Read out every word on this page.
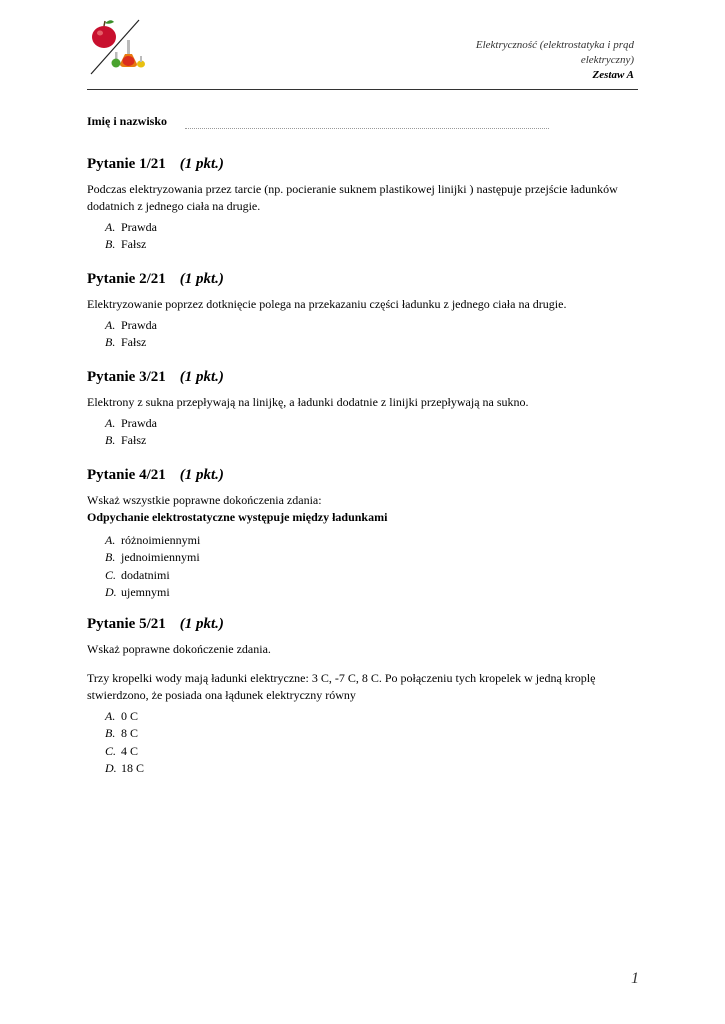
Elektryczność (elektrostatyka i prąd
elektryczny)
Zestaw A
Imię i nazwisko
Pytanie 1/21 (1 pkt.)

Podczas elektryzowania przez tarcie (np. pocieranie suknem plastikowej linijki ) następuje przejście ładunków dodatnich z jednego ciała na drugie.

A. Prawda
B. Fałsz
Pytanie 2/21 (1 pkt.)

Elektryzowanie poprzez dotknięcie polega na przekazaniu części ładunku z jednego ciała na drugie.

A. Prawda
B. Fałsz
Pytanie 3/21 (1 pkt.)

Elektrony z sukna przepływają na linijkę, a ładunki dodatnie z linijki przepływają na sukno.

A. Prawda
B. Fałsz
Pytanie 4/21 (1 pkt.)

Wskaż wszystkie poprawne dokończenia zdania:

Odpychanie elektrostatyczne występuje między ładunkami

A. różnoimiennymi
B. jednoimiennymi
C. dodatnimi
D. ujemnymi
Pytanie 5/21 (1 pkt.)

Wskaż poprawne dokończenie zdania.

Trzy kropelki wody mają ładunki elektryczne: 3 C, -7 C, 8 C. Po połączeniu tych kropelek w jedną kroplę stwierdzono, że posiada ona łądunek elektryczny równy

A. 0 C
B. 8 C
C. 4 C
D. 18 C
1
